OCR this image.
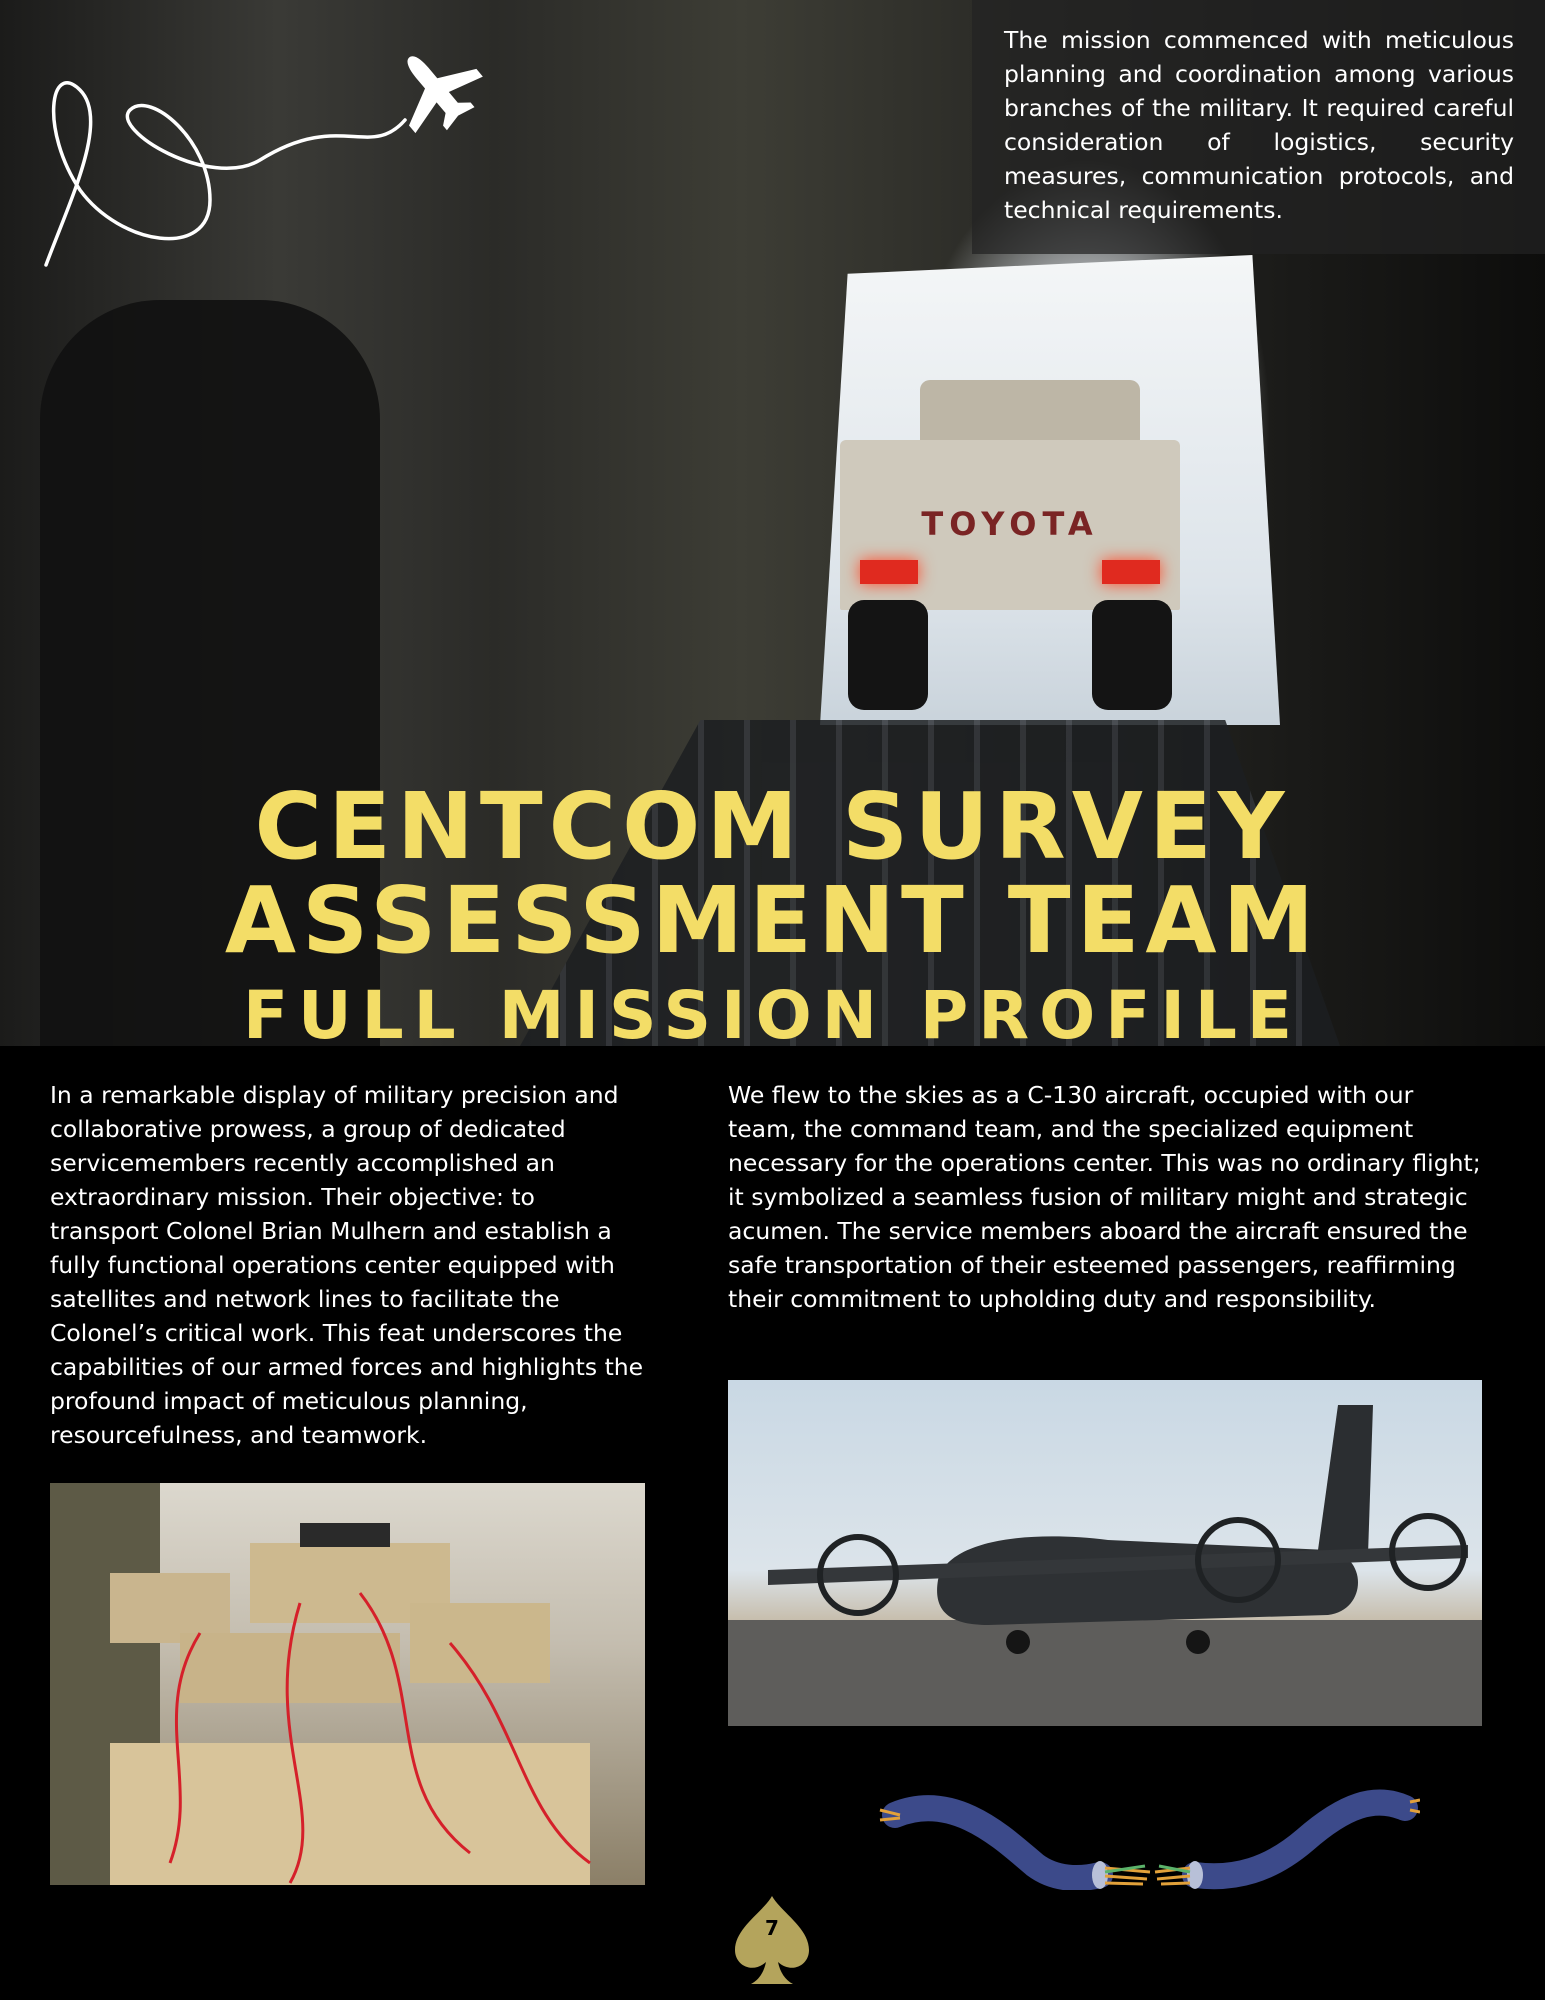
TOYOTA
The mission commenced with meticulous planning and coordination among various branches of the military. It required careful consideration of logistics, security measures, communication protocols, and technical requirements.

CENTCOM SURVEY

ASSESSMENT TEAM

FULL MISSION PROFILE

In a remarkable display of military precision and collaborative prowess, a group of dedicated servicemembers recently accomplished an extraordinary mission. Their objective: to transport Colonel Brian Mulhern and establish a fully functional operations center equipped with satellites and network lines to facilitate the Colonel’s critical work. This feat underscores the capabilities of our armed forces and highlights the profound impact of meticulous planning, resourcefulness, and teamwork.
We flew to the skies as a C-130 aircraft, occupied with our team, the command team, and the specialized equipment necessary for the operations center. This was no ordinary flight; it symbolized a seamless fusion of military might and strategic acumen. The service members aboard the aircraft ensured the safe transportation of their esteemed passengers, reaffirming their commitment to upholding duty and responsibility.
7
